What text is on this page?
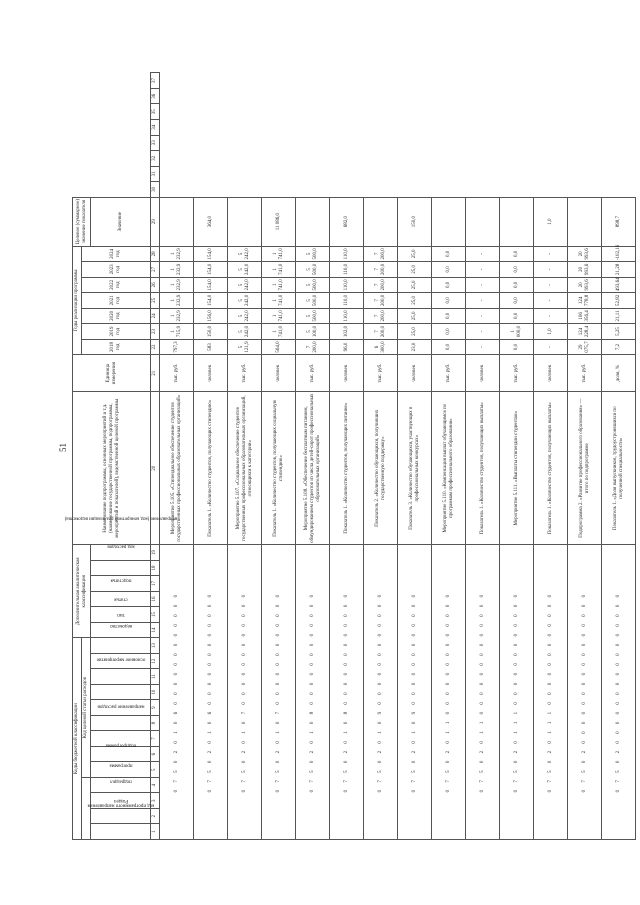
51
Коды бюджетной классификации													Дополнительная аналитическая классификация						Наименование подпрограммы, основных мероприятий и т.д. (наименование государственной программы, подпрограммы, мероприятий и показателей), ведомственной целевой программы	Единица измерения	Годы реализации программы							Целевое (суммарное) значение показателя								
				Код целевой статьи расходов																	2018 год	2019 год	2020 год	2021 год	2022 год	2023 год	2024 год									
код программного направления		Раздел	подраздел	программа	подпрограмма		направление расходов			основное мероприятие			ведомство	тип	статья	подстатья	направление (код конкретной реализации ведомства)	код расходов										Значение								
1	2	3	4	5	6	7	8	9	10	11	12	13	14	15	16	17	18	19	20	21	22	23	24	25	26	27	28	29	30	31	32	33	34	35	36	37
0 7 5 0 2 0 1 0 6 0 0 0 0 0 0 0 0 0 0 0 0																			Мероприятие 5.105. «Стипендиальное обеспечение студентов государственных профессиональных образовательных организаций»	тыс. руб.	797,3	1 715,9	1 232,9	1 232,9	1 232,9	1 232,9	1 232,9									
0 7 5 0 2 0 1 0 6 0 0 0 0 0 0 0 0 0 0 0 0																			Показатель 1. «Количество студентов, получающих стипендию»	человек	583	150,0	156,0	154,0	154,0	154,0	154,0	364,0								
0 7 5 0 2 0 1 0 7 0 0 0 0 0 0 0 0 0 0 0 0																			Мероприятие 5.107. «Социальное обеспечение студентов государственных профессиональных образовательных организаций, относящихся к категории»	тыс. руб.	5 121,9	5 242,0	5 242,0	5 242,0	5 242,0	5 242,0	5 242,0									
0 7 5 0 2 0 1 0 7 0 0 0 0 0 0 0 0 0 0 0 0																			Показатель 1. «Количество студентов, получающих социальную стипендию»	человек	564,0	1 741,0	1 741,0	1 741,0	1 741,0	1 741,0	1 741,0	11 086,0								
0 7 5 0 2 0 1 0 8 0 0 0 0 0 0 0 0 0 0 0 0																			Мероприятие 5.108. «Обеспечение бесплатным питанием, обмундированием студентов из числа детей-сирот профессиональных образовательных организаций»	тыс. руб.	7 200,0	5 100,0	5 500,0	5 500,0	5 500,0	5 500,0	5 500,0									
0 7 5 0 2 0 1 0 8 0 0 0 0 0 0 0 0 0 0 0 0																			Показатель 1. «Количество студентов, получающих питание»	человек	96,0	102,0	110,0	110,0	110,0	110,0	110,0	682,0								
0 7 5 0 2 0 1 0 9 0 0 0 0 0 0 0 0 0 0 0 0																			Показатель 2. «Количество обучающихся, получивших государственную поддержку»	тыс. руб.	6 300,0	7 200,0	7 200,0	7 200,0	7 200,0	7 200,0	7 200,0									
0 7 5 0 2 0 1 0 9 0 0 0 0 0 0 0 0 0 0 0 0																			Показатель 3. «Количество обучающихся, участвующих в профессиональных конкурсах»	человек	23,0	25,0	25,0	25,0	25,0	25,0	25,0	150,0								
0 7 5 0 2 0 1 1 0 0 0 0 0 0 0 0 0 0 0 0 0																			Мероприятие 5.110. «Компенсация выплат обучающимся по программам профессионального образования»	тыс. руб.	0,0	0,0	0,0	0,0	0,0	0,0	0,0									
0 7 5 0 2 0 1 1 0 0 0 0 0 0 0 0 0 0 0 0 0																			Показатель 1. «Количество студентов, получающих выплаты»	человек	-	-	-	-	-	-	-									
0 7 5 0 2 0 1 1 1 0 0 0 0 0 0 0 0 0 0 0 0																			Мероприятие 5.111. «Выплаты стипендии студентам»	тыс. руб.	0,0	1 000,0	0,0	0,0	0,0	0,0	0,0									
0 7 5 0 2 0 1 1 1 0 0 0 0 0 0 0 0 0 0 0 0																			Показатель 1. «Количество студентов, получающих выплаты»	человек	-	1,0	-	-	-	-	-	1,0								
0 7 5 0 2 0 0 0 0 0 0 0 0 0 0 0 0 0 0 0 0																			Подпрограмма 2. «Развитие профессионального образования» — итого по подпрограмме	тыс. руб.	29 075,7	124 228,4	106 356,4	124 778,8	20 993,6	20 993,6	20 993,6									
0 7 5 0 2 0 0 0 0 0 0 0 0 0 0 0 0 0 0 0 0																			Показатель 1. «Доля выпускников, трудоустроившихся по полученной специальности»	доля, %	7,2	5,25	21,11	52,82	493,64	21,28	-102,16	898,7								
